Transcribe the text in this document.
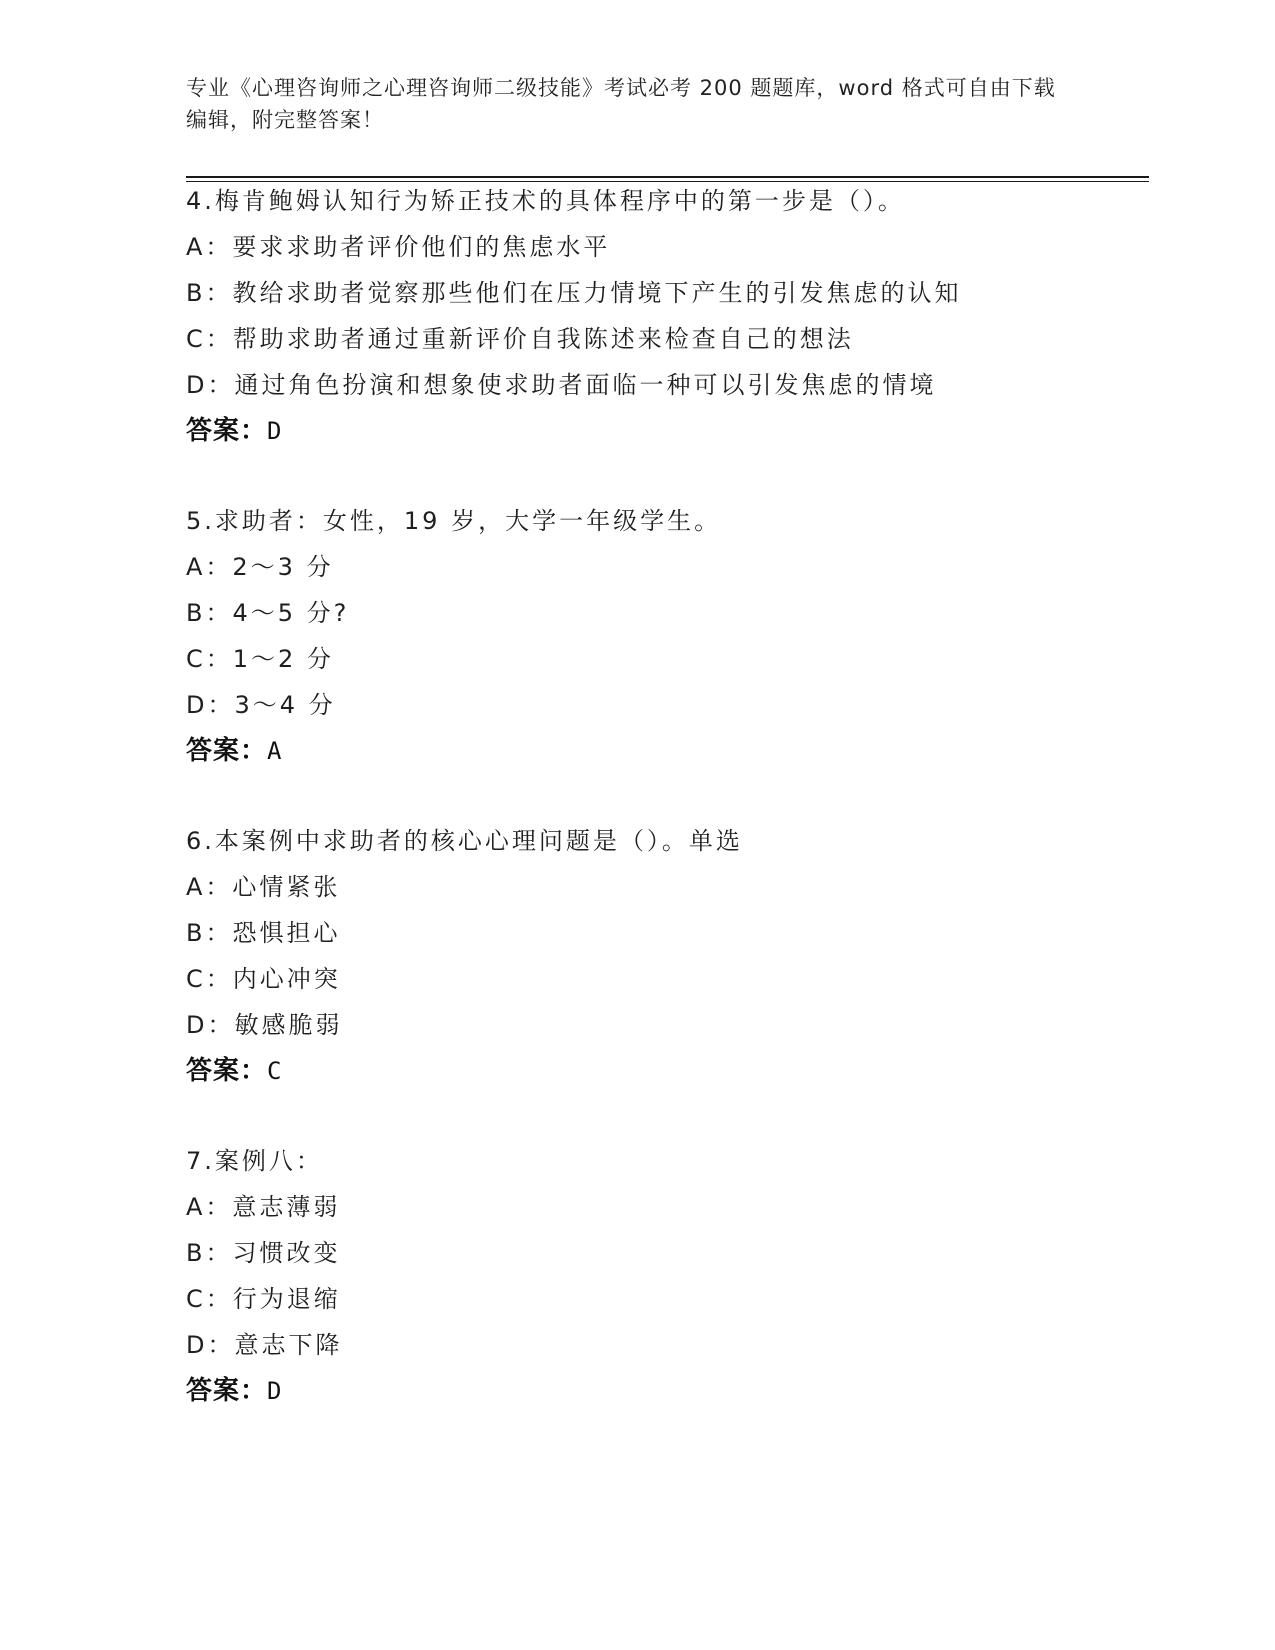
专业《心理咨询师之心理咨询师二级技能》考试必考 200 题题库，word 格式可自由下载编辑，附完整答案！
4.梅肯鲍姆认知行为矫正技术的具体程序中的第一步是（）。
A：要求求助者评价他们的焦虑水平
B：教给求助者觉察那些他们在压力情境下产生的引发焦虑的认知
C：帮助求助者通过重新评价自我陈述来检查自己的想法
D：通过角色扮演和想象使求助者面临一种可以引发焦虑的情境
答案：D
5.求助者：女性，19 岁，大学一年级学生。
A：2～3 分
B：4～5 分?
C：1～2 分
D：3～4 分
答案：A
6.本案例中求助者的核心心理问题是（）。单选
A：心情紧张
B：恐惧担心
C：内心冲突
D：敏感脆弱
答案：C
7.案例八：
A：意志薄弱
B：习惯改变
C：行为退缩
D：意志下降
答案：D
